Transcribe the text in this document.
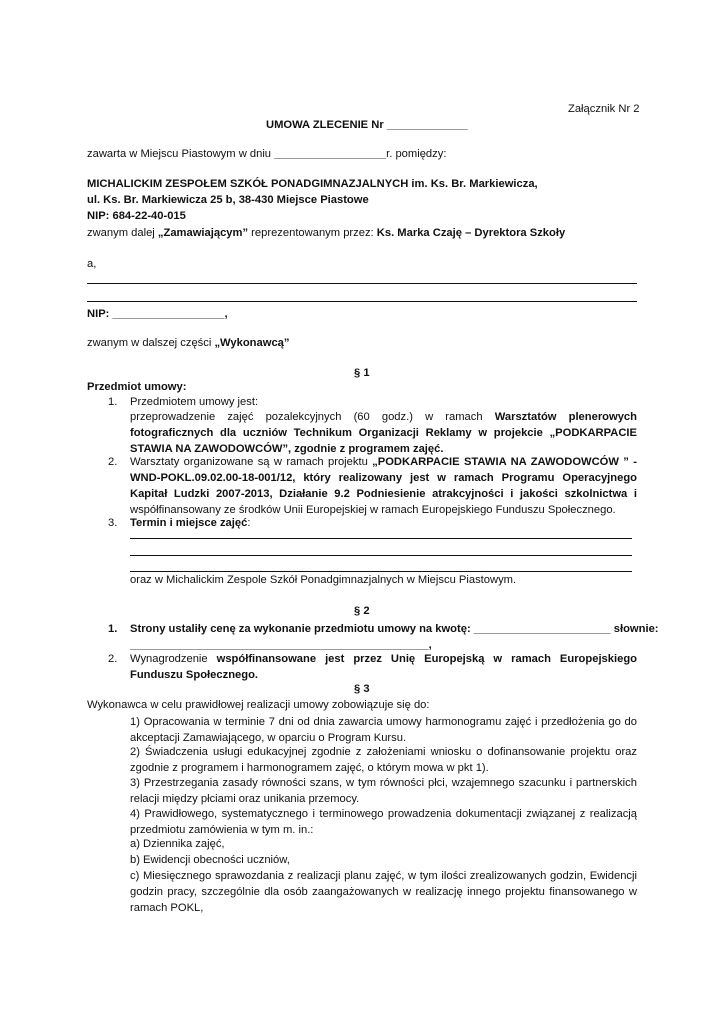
Załącznik Nr 2
UMOWA ZLECENIE Nr _____________
zawarta w Miejscu Piastowym w dniu __________________r. pomiędzy:
MICHALICKIM ZESPOŁEM SZKÓŁ PONADGIMNAZJALNYCH im. Ks. Br. Markiewicza,
ul. Ks. Br. Markiewicza 25 b, 38-430 Miejsce Piastowe
NIP: 684-22-40-015
zwanym dalej „Zamawiającym” reprezentowanym przez: Ks. Marka Czaję – Dyrektora Szkoły
a,
NIP: __________________,
zwanym w dalszej części „Wykonawcą”
§ 1
Przedmiot umowy:
1. Przedmiotem umowy jest:
przeprowadzenie zajęć pozalekcyjnych (60 godz.) w ramach Warsztatów plenerowych fotograficznych dla uczniów Technikum Organizacji Reklamy w projekcie „PODKARPACIE STAWIA NA ZAWODOWCÓW”, zgodnie z programem zajęć.
2. Warsztaty organizowane są w ramach projektu „PODKARPACIE STAWIA NA ZAWODOWCÓW ” - WND-POKL.09.02.00-18-001/12, który realizowany jest w ramach Programu Operacyjnego Kapitał Ludzki 2007-2013, Działanie 9.2 Podniesienie atrakcyjności i jakości szkolnictwa i współfinansowany ze środków Unii Europejskiej w ramach Europejskiego Funduszu Społecznego.
3. Termin i miejsce zajęć:
oraz w Michalickim Zespole Szkół Ponadgimnazjalnych w Miejscu Piastowym.
§ 2
1. Strony ustaliły cenę za wykonanie przedmiotu umowy na kwotę: ______________________ słownie:
________________________________________________,
2. Wynagrodzenie współfinansowane jest przez Unię Europejską w ramach Europejskiego Funduszu Społecznego.
§ 3
Wykonawca w celu prawidłowej realizacji umowy zobowiązuje się do:
1) Opracowania w terminie 7 dni od dnia zawarcia umowy harmonogramu zajęć i przedłożenia go do akceptacji Zamawiającego, w oparciu o Program Kursu.
2) Świadczenia usługi edukacyjnej zgodnie z założeniami wniosku o dofinansowanie projektu oraz zgodnie z programem i harmonogramem zajęć, o którym mowa w pkt 1).
3) Przestrzegania zasady równości szans, w tym równości płci, wzajemnego szacunku i partnerskich relacji między płciami oraz unikania przemocy.
4) Prawidłowego, systematycznego i terminowego prowadzenia dokumentacji związanej z realizacją przedmiotu zamówienia w tym m. in.:
a) Dziennika zajęć,
b) Ewidencji obecności uczniów,
c) Miesięcznego sprawozdania z realizacji planu zajęć, w tym ilości zrealizowanych godzin, Ewidencji godzin pracy, szczególnie dla osób zaangażowanych w realizację innego projektu finansowanego w ramach POKL,
